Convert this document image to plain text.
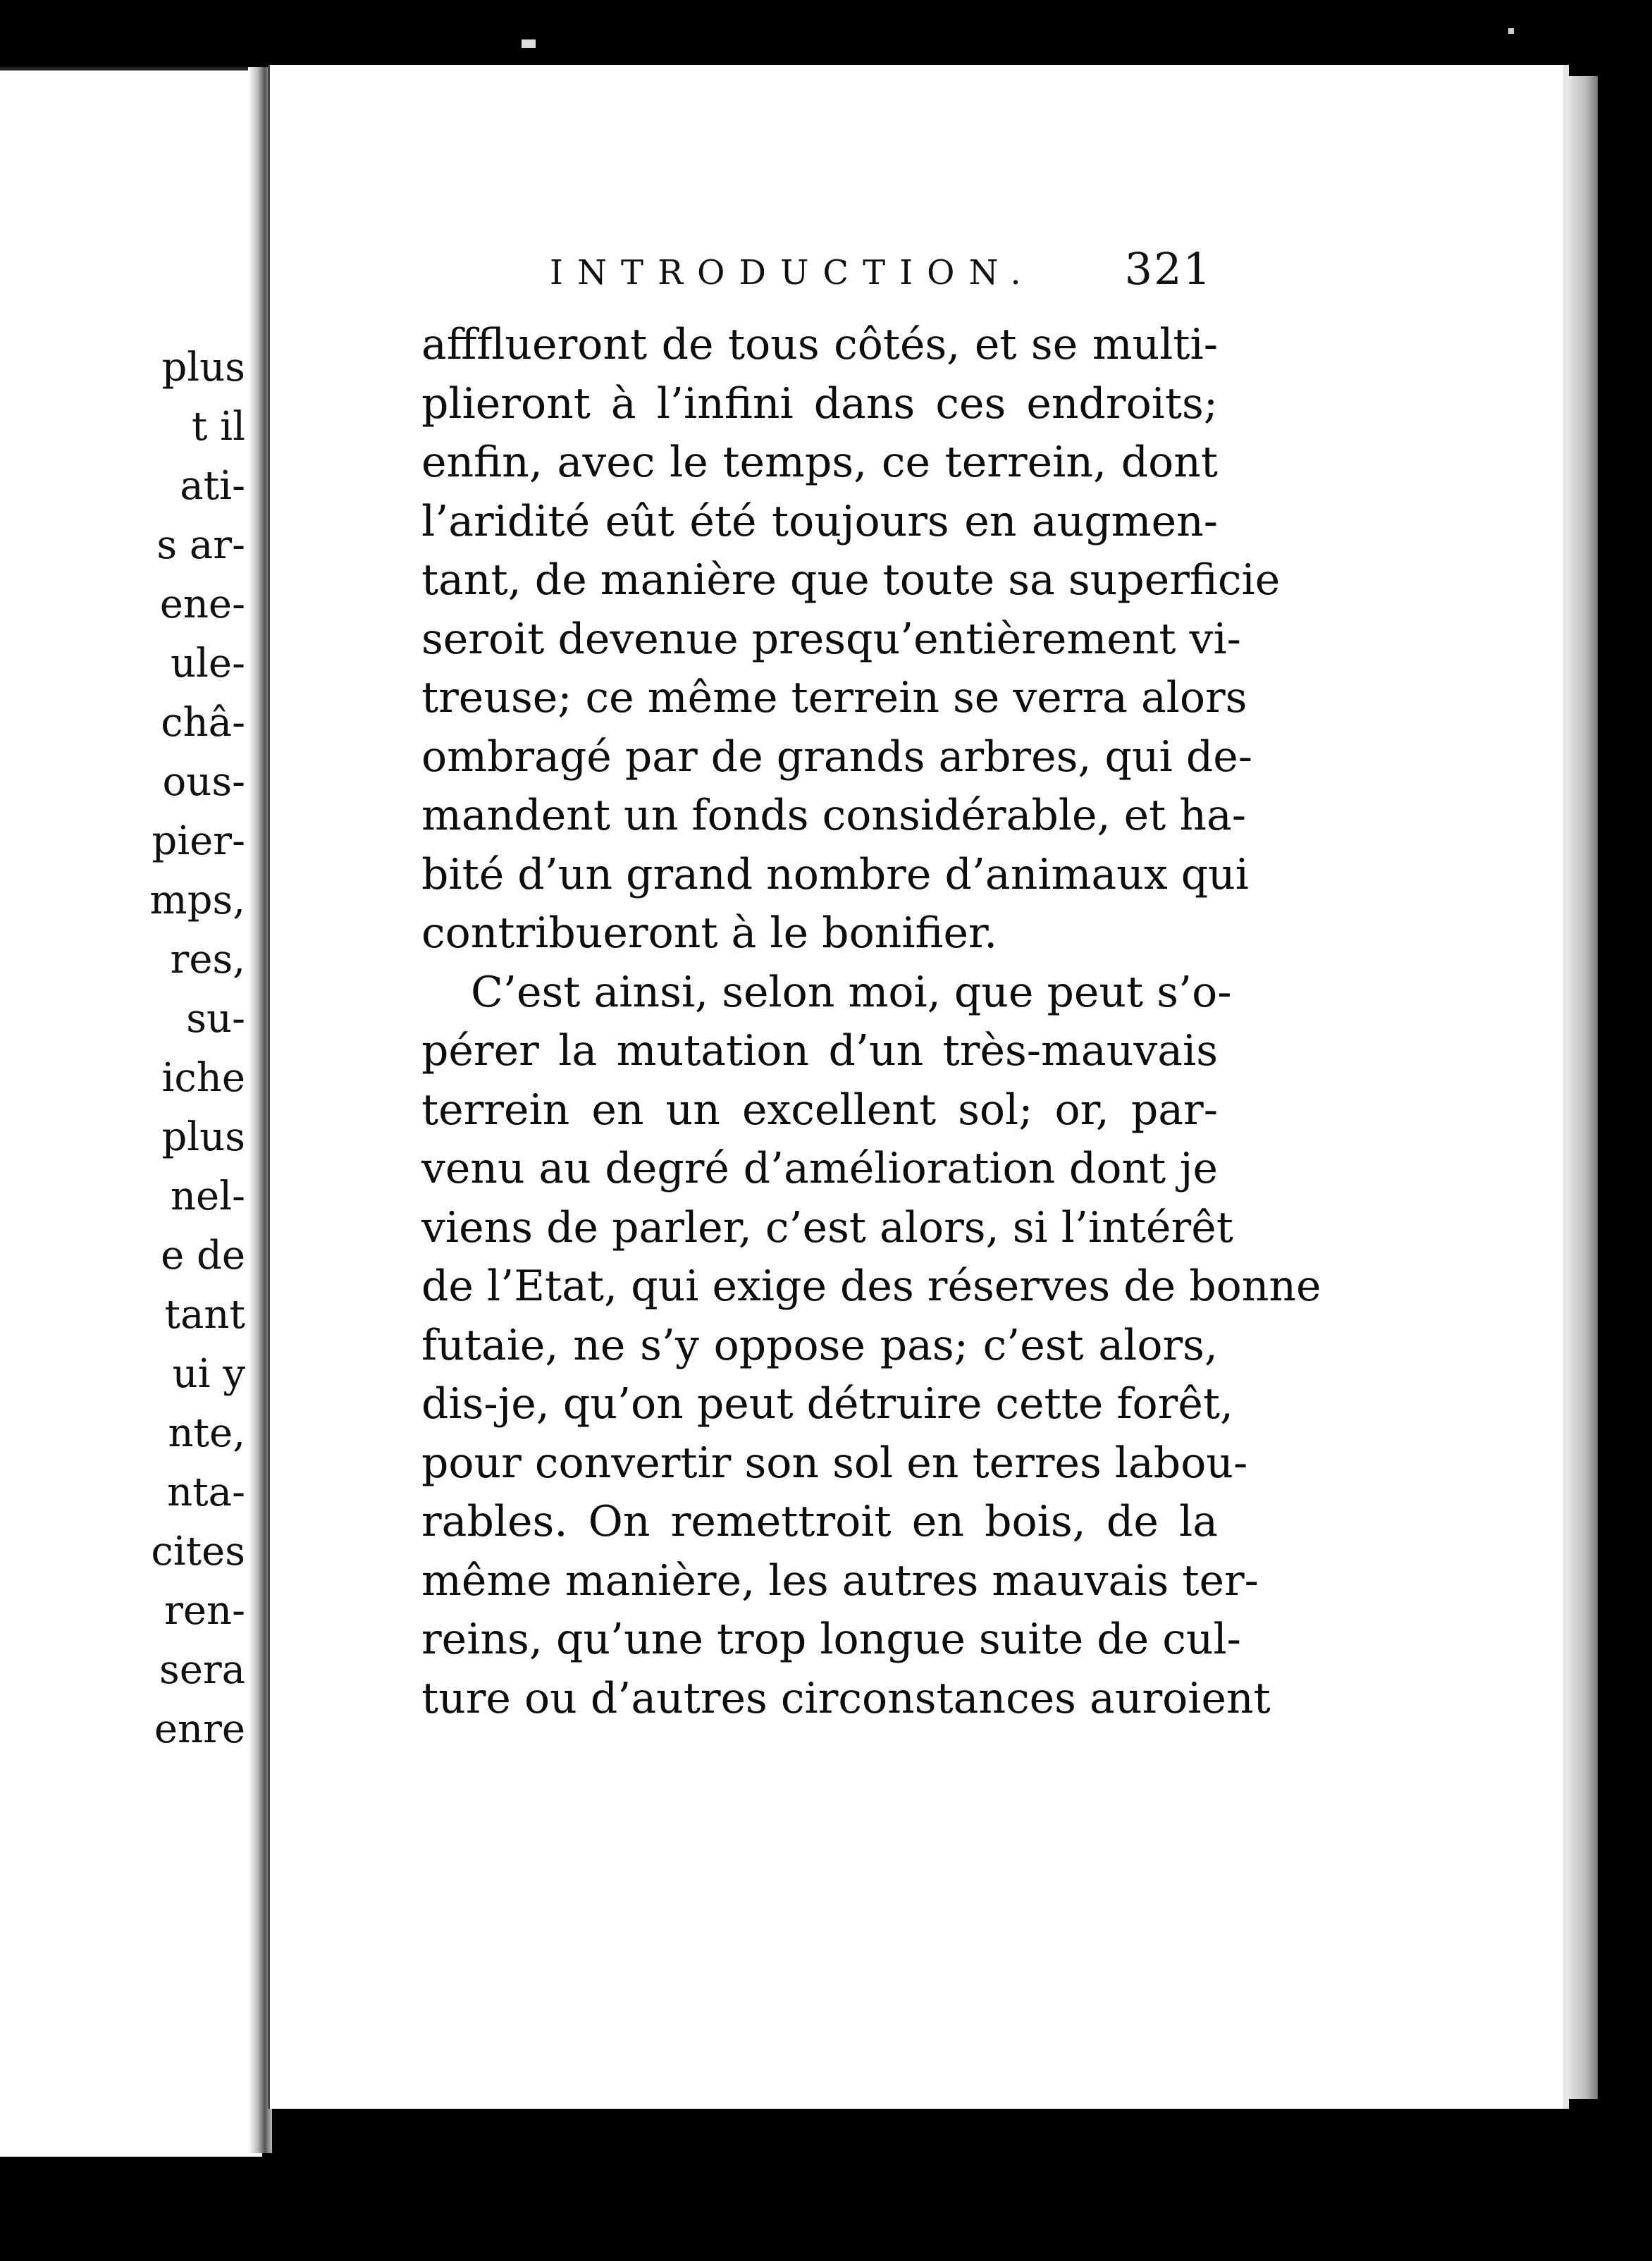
plus
t il
ati-
s ar-
ene-
ule-
châ-
ous-
pier-
mps,
res,
su-
iche
plus
nel-
e de
tant
ui y
nte,
nta-
cites
ren-
sera
enre
INTRODUCTION. 321
affflueront de tous côtés, et se multi-
plieront à l’infini dans ces endroits;
enfin, avec le temps, ce terrein, dont
l’aridité eût été toujours en augmen-
tant, de manière que toute sa superficie
seroit devenue presqu’entièrement vi-
treuse; ce même terrein se verra alors
ombragé par de grands arbres, qui de-
mandent un fonds considérable, et ha-
bité d’un grand nombre d’animaux qui
contribueront à le bonifier.
C’est ainsi, selon moi, que peut s’o-
pérer la mutation d’un très-mauvais
terrein en un excellent sol; or, par-
venu au degré d’amélioration dont je
viens de parler, c’est alors, si l’intérêt
de l’Etat, qui exige des réserves de bonne
futaie, ne s’y oppose pas; c’est alors,
dis-je, qu’on peut détruire cette forêt,
pour convertir son sol en terres labou-
rables. On remettroit en bois, de la
même manière, les autres mauvais ter-
reins, qu’une trop longue suite de cul-
ture ou d’autres circonstances auroient
